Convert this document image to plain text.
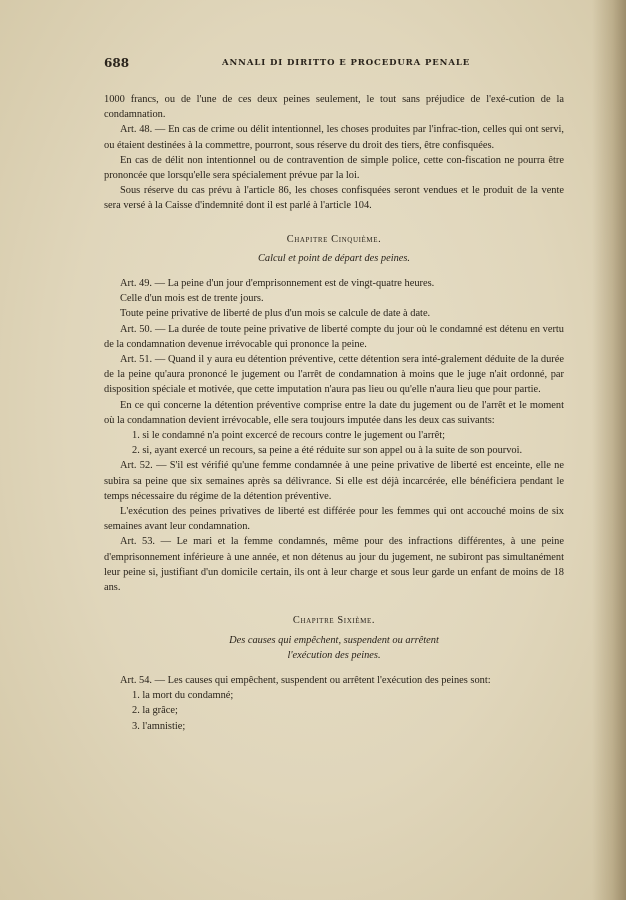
688	ANNALI DI DIRITTO E PROCEDURA PENALE

1000 francs, ou de l'une de ces deux peines seulement, le tout sans préjudice de l'exé-cution de la condamnation.

Art. 48. — En cas de crime ou délit intentionnel, les choses produites par l'infrac-tion, celles qui ont servi, ou étaient destinées à la commettre, pourront, sous réserve du droit des tiers, être confisquées.

En cas de délit non intentionnel ou de contravention de simple police, cette con-fiscation ne pourra être prononcée que lorsqu'elle sera spécialement prévue par la loi.

Sous réserve du cas prévu à l'article 86, les choses confisquées seront vendues et le produit de la vente sera versé à la Caisse d'indemnité dont il est parlé à l'article 104.

Chapitre Cinquième.

Calcul et point de départ des peines.

Art. 49. — La peine d'un jour d'emprisonnement est de vingt-quatre heures.

Celle d'un mois est de trente jours.

Toute peine privative de liberté de plus d'un mois se calcule de date à date.

Art. 50. — La durée de toute peine privative de liberté compte du jour où le condamné est détenu en vertu de la condamnation devenue irrévocable qui prononce la peine.

Art. 51. — Quand il y aura eu détention préventive, cette détention sera inté-gralement déduite de la durée de la peine qu'aura prononcé le jugement ou l'arrêt de condamnation à moins que le juge n'ait ordonné, par disposition spéciale et motivée, que cette imputation n'aura pas lieu ou qu'elle n'aura lieu que pour partie.

En ce qui concerne la détention préventive comprise entre la date du jugement ou de l'arrêt et le moment où la condamnation devient irrévocable, elle sera toujours imputée dans les deux cas suivants:

1. si le condamné n'a point excercé de recours contre le jugement ou l'arrêt;

2. si, ayant exercé un recours, sa peine a été réduite sur son appel ou à la suite de son pourvoi.

Art. 52. — S'il est vérifié qu'une femme condamnée à une peine privative de liberté est enceinte, elle ne subira sa peine que six semaines après sa délivrance. Si elle est déjà incarcérée, elle bénéficiera pendant le temps nécessaire du régime de la détention préventive.

L'exécution des peines privatives de liberté est différée pour les femmes qui ont accouché moins de six semaines avant leur condamnation.

Art. 53. — Le mari et la femme condamnés, même pour des infractions différentes, à une peine d'emprisonnement inférieure à une année, et non détenus au jour du jugement, ne subiront pas simultanément leur peine si, justifiant d'un domicile certain, ils ont à leur charge et sous leur garde un enfant de moins de 18 ans.

Chapitre Sixième.

Des causes qui empêchent, suspendent ou arrêtent

l'exécution des peines.

Art. 54. — Les causes qui empêchent, suspendent ou arrêtent l'exécution des peines sont:

1. la mort du condamné;

2. la grâce;

3. l'amnistie;
